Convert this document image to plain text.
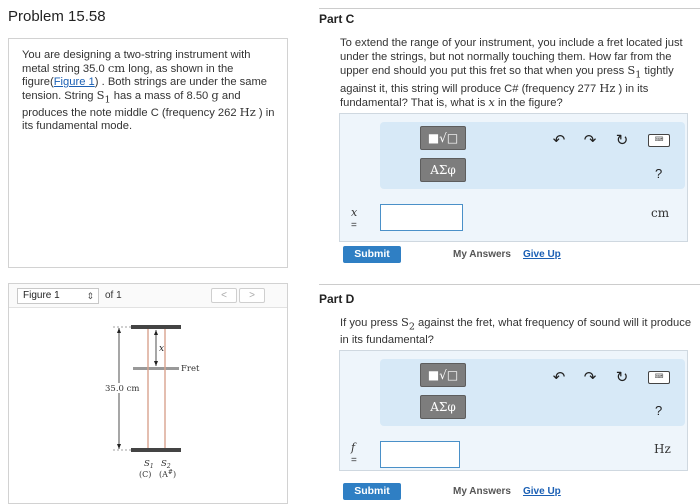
Problem 15.58
You are designing a two-string instrument with metal string 35.0 cm long, as shown in the figure(Figure 1) . Both strings are under the same tension. String $S_1$ has a mass of 8.50 g and produces the note middle C (frequency 262 Hz ) in its fundamental mode.
Figure 1	⇕ of 1	<	>
x
Fret
35.0 cm
$S_1$ $S_2$
(C) (A#)
Part C
To extend the range of your instrument, you include a fret located just under the strings, but not normally touching them. How far from the upper end should you put this fret so that when you press $S_1$ tightly against it, this string will produce C# (frequency 277 Hz ) in its fundamental? That is, what is x in the figure?
■√□
AΣφ
↶ ↷ ↻	⌨
?
x
=
cm
Submit	My Answers Give Up
Part D
If you press $S_2$ against the fret, what frequency of sound will it produce in its fundamental?
■√□
AΣφ
↶ ↷ ↻	⌨
?
f
=
Hz
Submit	My Answers Give Up
